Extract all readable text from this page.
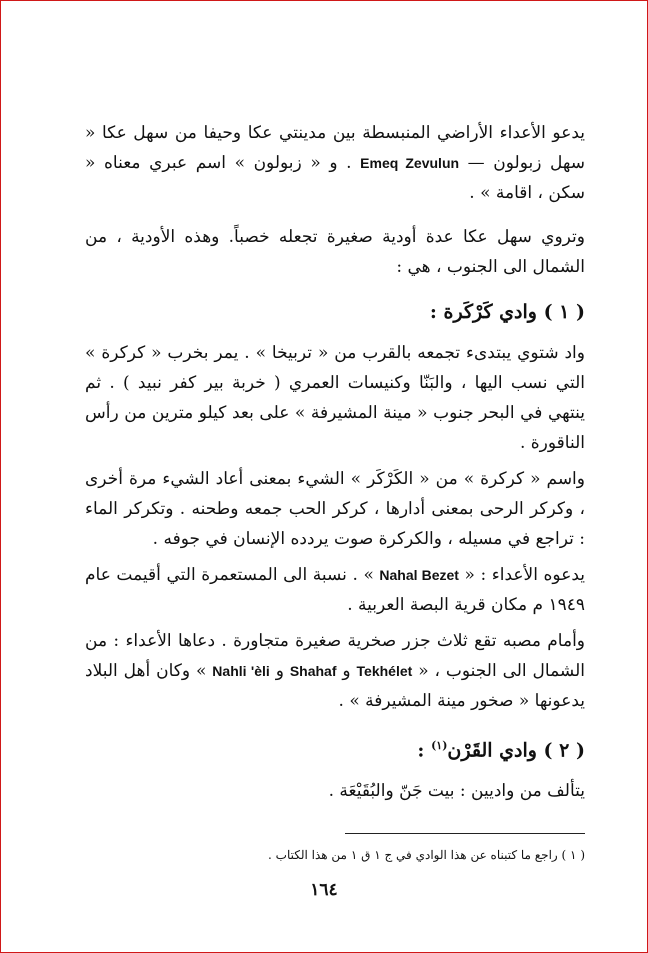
يدعو الأعداء الأراضي المنبسطة بين مدينتي عكا وحيفا من سهل عكا « سهل زبولون — Emeq Zevulun . و « زبولون » اسم عبري معناه « سكن ، اقامة » .

وتروي سهل عكا عدة أودية صغيرة تجعله خصباً. وهذه الأودية ، من الشمال الى الجنوب ، هي :

( ١ ) وادي كَرْكَرة :

واد شتوي يبتدىء تجمعه بالقرب من « تربيخا » . يمر بخرب « كركرة » التي نسب اليها ، والبَنّا وكنيسات العمري ( خربة بير كفر نبيد ) . ثم ينتهي في البحر جنوب « مينة المشيرفة » على بعد كيلو مترين من رأس الناقورة .

واسم « كركرة » من « الكَرْكَر » الشيء بمعنى أعاد الشيء مرة أخرى ، وكركر الرحى بمعنى أدارها ، كركر الحب جمعه وطحنه . وتكركر الماء : تراجع في مسيله ، والكركرة صوت يردده الإنسان في جوفه .

يدعوه الأعداء : « Nahal Bezet » . نسبة الى المستعمرة التي أقيمت عام ١٩٤٩ م مكان قرية البصة العربية .

وأمام مصبه تقع ثلاث جزر صخرية صغيرة متجاورة . دعاها الأعداء : من الشمال الى الجنوب ، « Tekhélet و Shahaf و Nahli 'èli » وكان أهل البلاد يدعونها « صخور مينة المشيرفة » .

( ٢ ) وادي القَرْن$^{(١)}$ :

يتألف من واديين : بيت جَنّ والبُقَيْعَة .

( ١ ) راجع ما كتبناه عن هذا الوادي في ج ١ ق ١ من هذا الكتاب .
١٦٤
